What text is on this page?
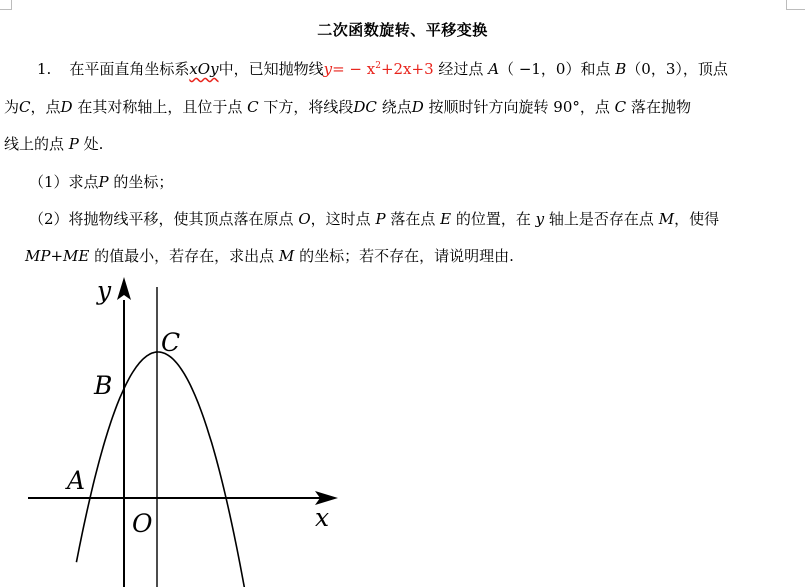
二次函数旋转、平移变换
1. 在平面直角坐标系xOy中，已知抛物线$y= - x^2+2x+3$ 经过点 A（ −1，0）和点 B（0，3），顶点
为C，点D 在其对称轴上，且位于点 C 下方，将线段DC 绕点D 按顺时针方向旋转 90°，点 C 落在抛物
线上的点 P 处.
（1）求点P 的坐标；
（2）将抛物线平移，使其顶点落在原点 O，这时点 P 落在点 E 的位置，在 y 轴上是否存在点 M，使得
MP+ME 的值最小，若存在，求出点 M 的坐标；若不存在，请说明理由.
y
x
O
A
B
C
